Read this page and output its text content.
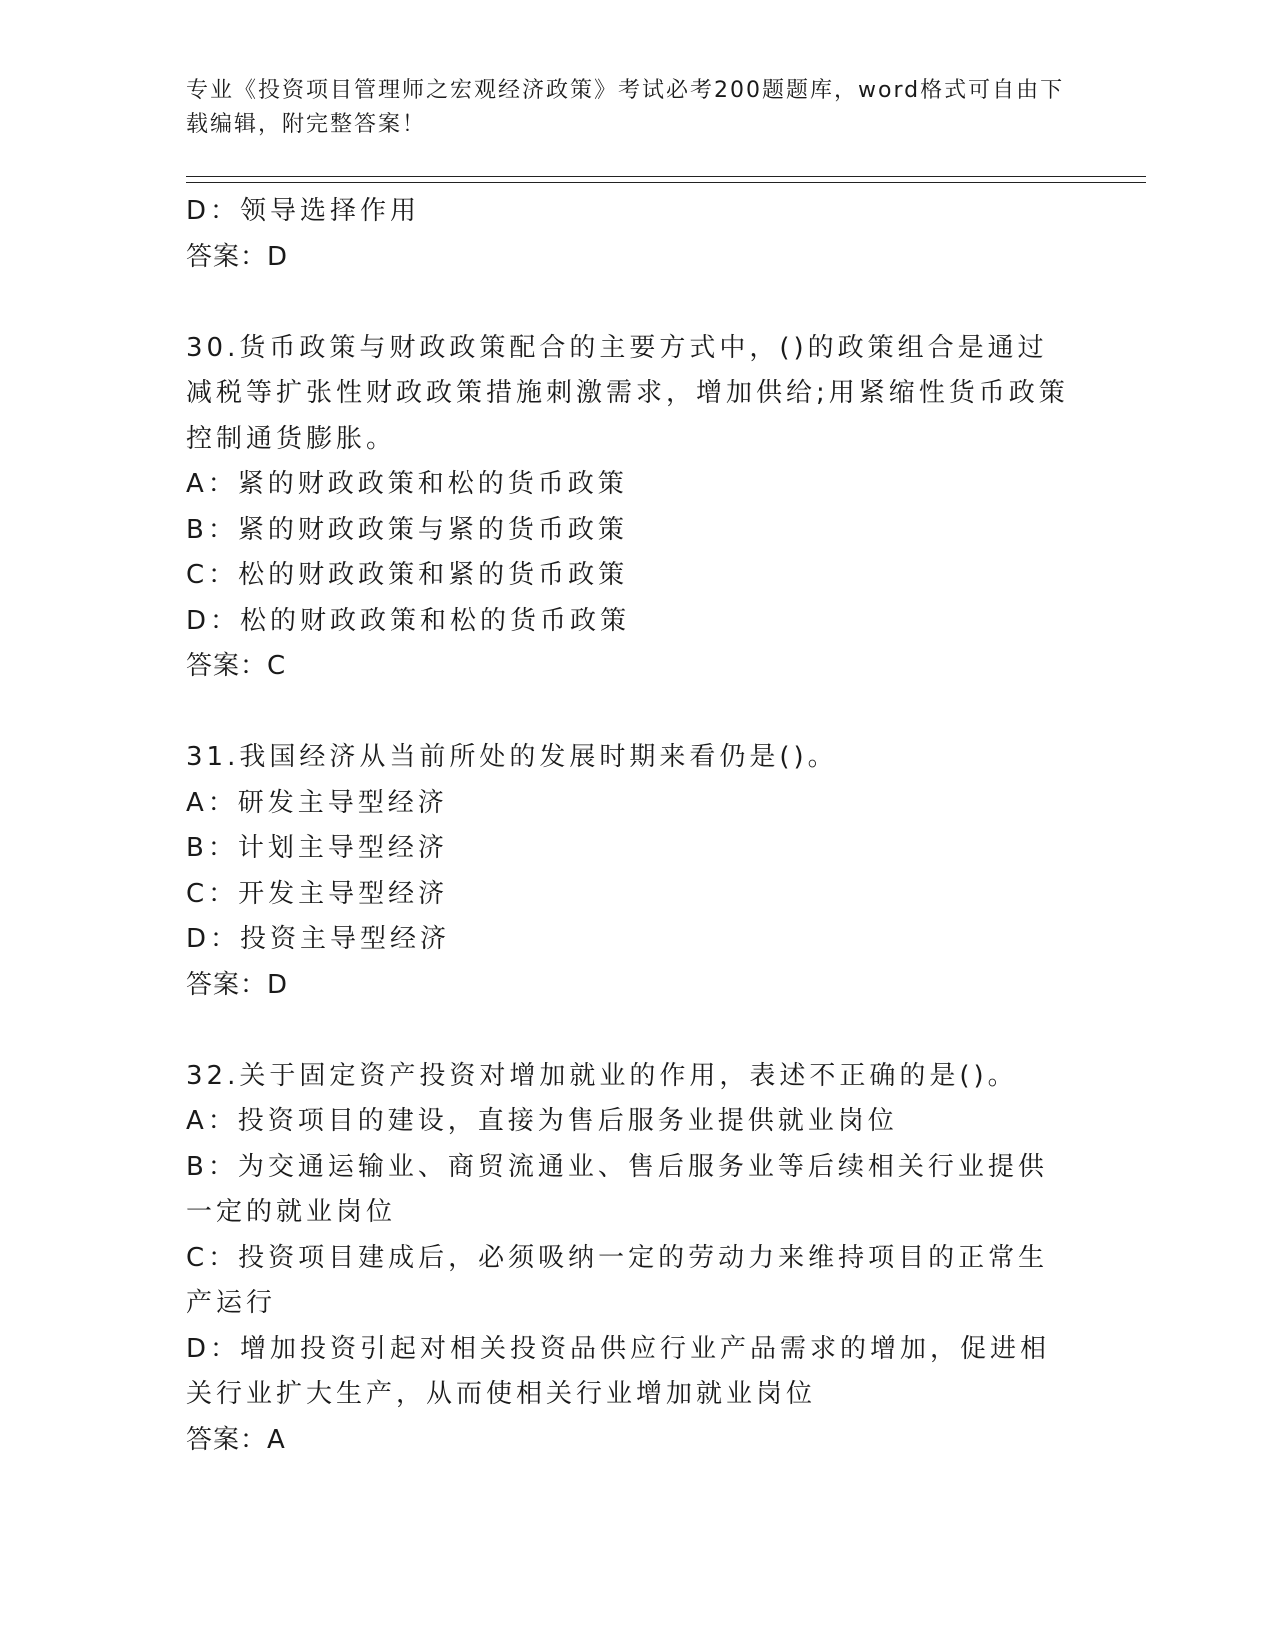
专业《投资项目管理师之宏观经济政策》考试必考200题题库，word格式可自由下载编辑，附完整答案！
D：领导选择作用
答案：D
30.货币政策与财政政策配合的主要方式中，()的政策组合是通过减税等扩张性财政政策措施刺激需求，增加供给;用紧缩性货币政策控制通货膨胀。
A：紧的财政政策和松的货币政策
B：紧的财政政策与紧的货币政策
C：松的财政政策和紧的货币政策
D：松的财政政策和松的货币政策
答案：C
31.我国经济从当前所处的发展时期来看仍是()。
A：研发主导型经济
B：计划主导型经济
C：开发主导型经济
D：投资主导型经济
答案：D
32.关于固定资产投资对增加就业的作用，表述不正确的是()。
A：投资项目的建设，直接为售后服务业提供就业岗位
B：为交通运输业、商贸流通业、售后服务业等后续相关行业提供一定的就业岗位
C：投资项目建成后，必须吸纳一定的劳动力来维持项目的正常生产运行
D：增加投资引起对相关投资品供应行业产品需求的增加，促进相关行业扩大生产，从而使相关行业增加就业岗位
答案：A
